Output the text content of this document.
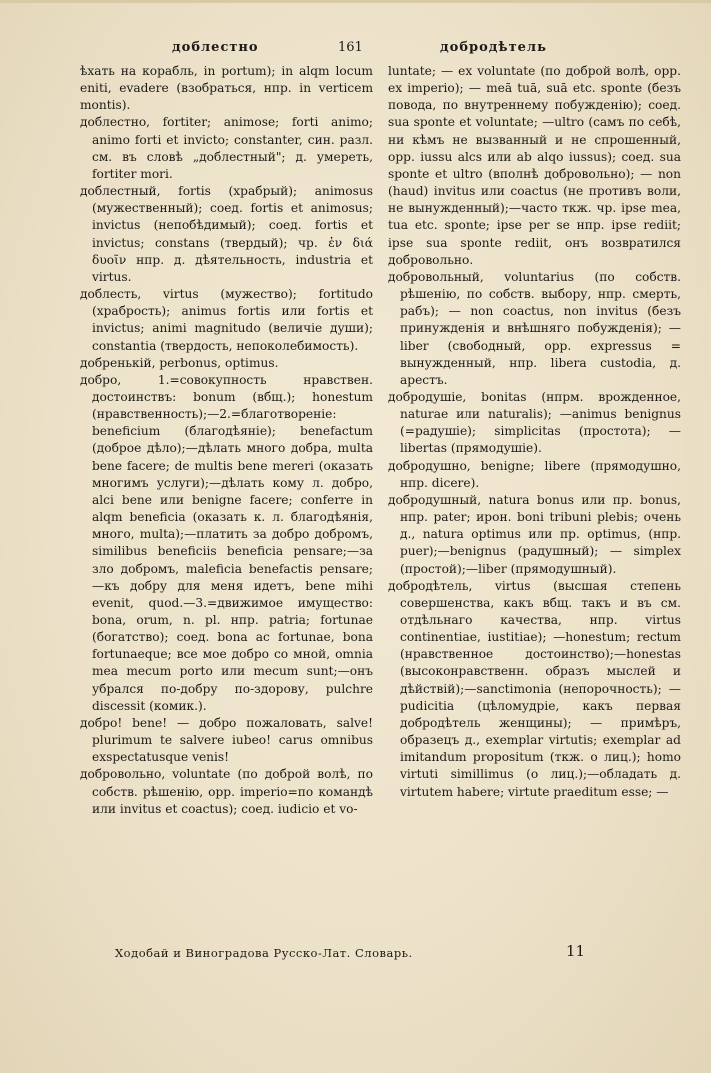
доблестно	161	добродѣтель

ѣхать на корабль, in portum); in alqm locum eniti, evadere (взобраться, нпр. in verticem montis).

доблестно, fortiter; animose; forti animo; animo forti et invicto; constanter, син. разл. см. въ словѣ „доблестный"; д. умереть, fortiter mori.

доблестный, fortis (храбрый); animosus (мужественный); соед. fortis et animosus; invictus (непобѣдимый); соед. fortis et invictus; constans (твердый); чр. ἐν διά δυοῖν нпр. д. дѣятельность, industria et virtus.

доблесть, virtus (мужество); fortitudo (храбрость); animus fortis или fortis et invictus; animi magnitudo (величіе души); constantia (твердость, непоколебимость).

добренькій, perbonus, optimus.

добро, 1.=совокупность нравствен. достоинствъ: bonum (вбщ.); honestum (нравственность);—2.=благотвореніе: beneficium (благодѣяніе); benefactum (доброе дѣло);—дѣлать много добра, multa bene facere; de multis bene mereri (оказать многимъ услуги);—дѣлать кому л. добро, alci bene или benigne facere; conferre in alqm beneficia (оказать к. л. благодѣянія, много, multa);—платить за добро добромъ, similibus beneficiis beneficia pensare;—за зло добромъ, maleficia benefactis pensare;—къ добру для меня идетъ, bene mihi evenit, quod.—3.=движимое имущество: bona, orum, n. pl. нпр. patria; fortunae (богатство); соед. bona ac fortunae, bona fortunaeque; все мое добро со мной, omnia mea mecum porto или mecum sunt;—онъ убрался по-добру по-здорову, pulchre discessit (комик.).

добро! bene! — добро пожаловать, salve! plurimum te salvere iubeo! carus omnibus exspectatusque venis!

добровольно, voluntate (по доброй волѣ, по собств. рѣшенію, opp. imperio=по командѣ или invitus et coactus); соед. iudicio et vo-

luntate; — ex voluntate (по доброй волѣ, opp. ex imperio); — meā tuā, suā etc. sponte (безъ повода, по внутреннему побужденію); соед. sua sponte et voluntate; —ultro (самъ по себѣ, ни кѣмъ не вызванный и не спрошенный, opp. iussu alcs или ab alqo iussus); соед. sua sponte et ultro (вполнѣ добровольно); — non (haud) invitus или coactus (не противъ воли, не вынужденный);—часто ткж. чр. ipse mea, tua etc. sponte; ipse per se нпр. ipse rediit; ipse sua sponte rediit, онъ возвратился добровольно.

добровольный, voluntarius (по собств. рѣшенію, по собств. выбору, нпр. смерть, рабъ); — non coactus, non invitus (безъ принужденія и внѣшняго побужденія); — liber (свободный, opp. expressus = вынужденный, нпр. libera custodia, д. арестъ.

добродушіе, bonitas (нпрм. врожденное, naturae или naturalis); —animus benignus (=радушіе); simplicitas (простота); — libertas (прямодушіе).

добродушно, benigne; libere (прямодушно, нпр. dicere).

добродушный, natura bonus или пр. bonus, нпр. pater; ирон. boni tribuni plebis; очень д., natura optimus или пр. optimus, (нпр. puer);—benignus (радушный); — simplex (простой);—liber (прямодушный).

добродѣтель, virtus (высшая степень совершенства, какъ вбщ. такъ и въ см. отдѣльнаго качества, нпр. virtus continentiae, iustitiae); —honestum; rectum (нравственное достоинство);—honestas (высоконравственн. образъ мыслей и дѣйствій);—sanctimonia (непорочность); — pudicitia (цѣломудріе, какъ первая добродѣтель женщины); — примѣръ, образецъ д., exemplar virtutis; exemplar ad imitandum propositum (ткж. о лиц.); homo virtuti simillimus (о лиц.);—обладать д. virtutem habere; virtute praeditum esse; —

Ходобай и Виноградова Русско-Лат. Словарь.	11
